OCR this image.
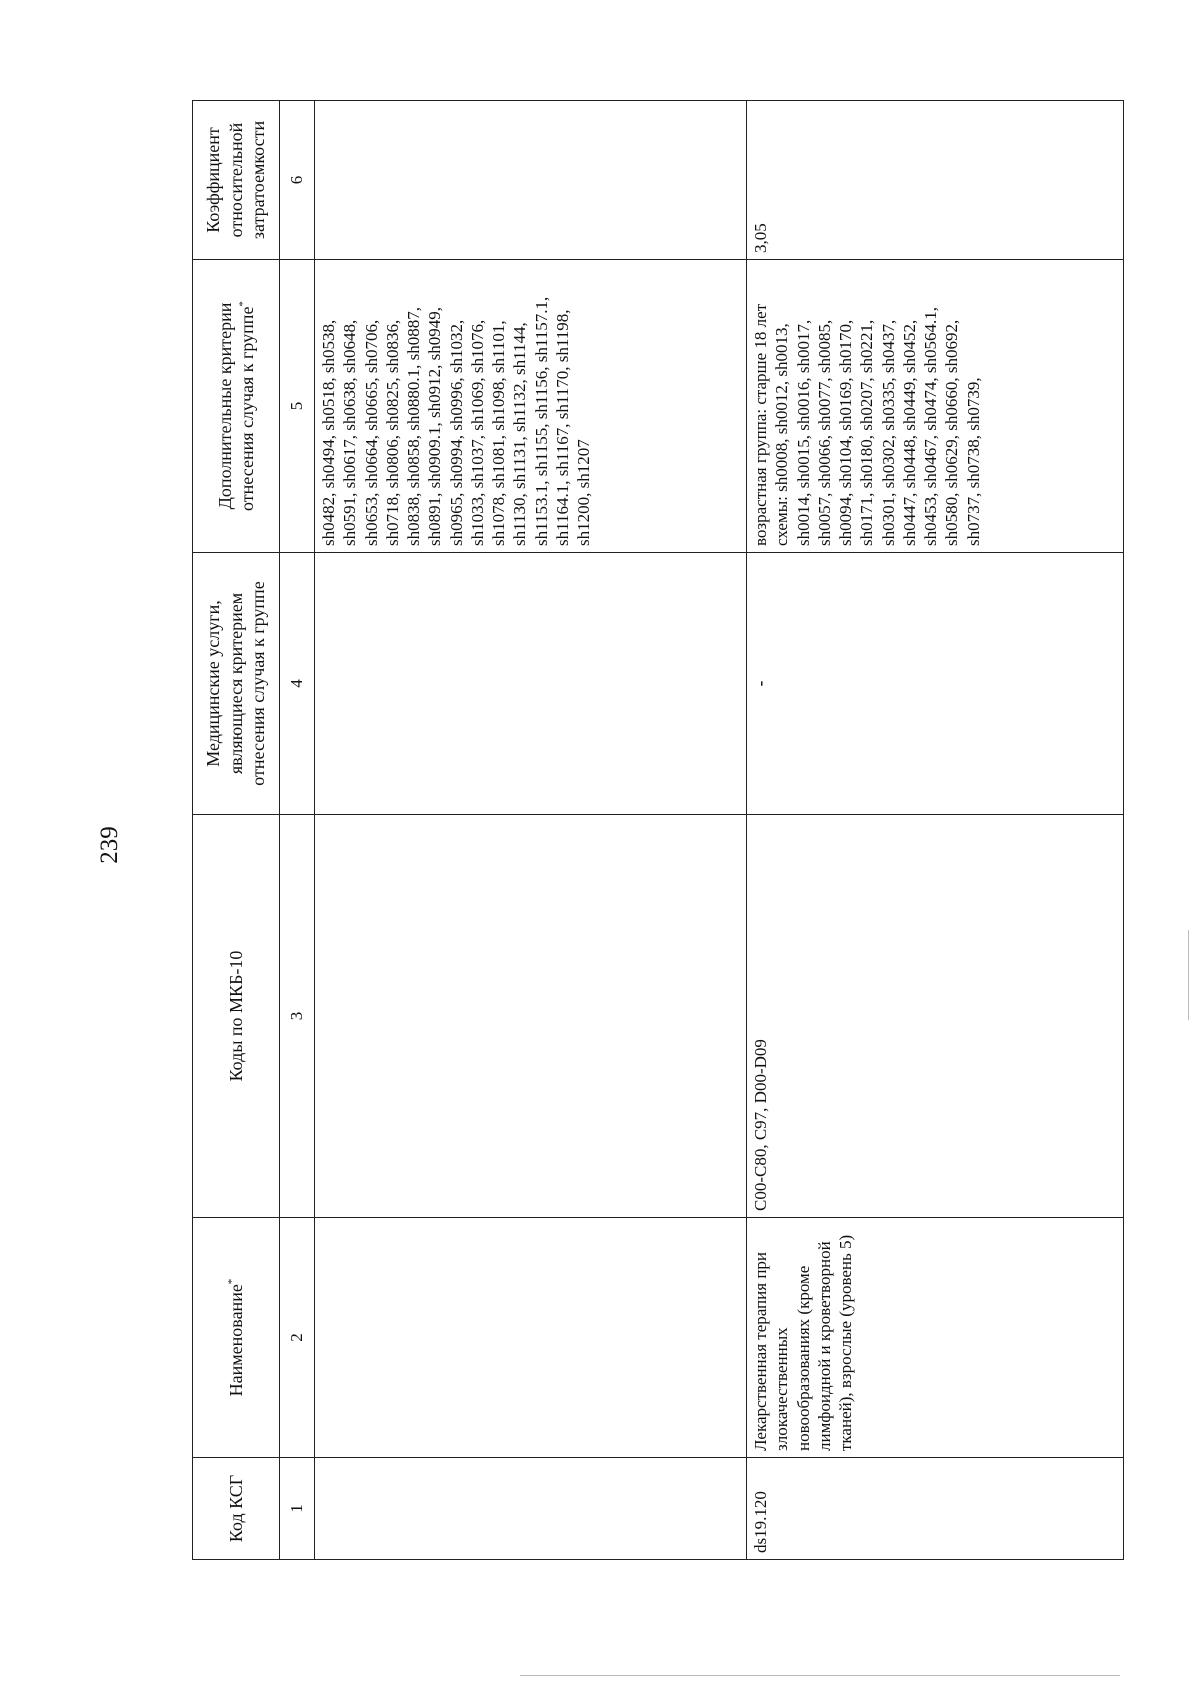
239
Код КСГ	Наименование*	Коды по МКБ-10	Медицинские услуги, являющиеся критерием отнесения случая к группе	Дополнительные критерии отнесения случая к группе*	Коэффициент относительной затратоемкости
1	2	3	4	5	6
				sh0482, sh0494, sh0518, sh0538, sh0591, sh0617, sh0638, sh0648, sh0653, sh0664, sh0665, sh0706, sh0718, sh0806, sh0825, sh0836, sh0838, sh0858, sh0880.1, sh0887, sh0891, sh0909.1, sh0912, sh0949, sh0965, sh0994, sh0996, sh1032, sh1033, sh1037, sh1069, sh1076, sh1078, sh1081, sh1098, sh1101, sh1130, sh1131, sh1132, sh1144, sh1153.1, sh1155, sh1156, sh1157.1, sh1164.1, sh1167, sh1170, sh1198, sh1200, sh1207	
ds19.120	Лекарственная терапия при злокачественных новообразованиях (кроме лимфоидной и кроветворной тканей), взрослые (уровень 5)	C00-C80, C97, D00-D09	-	возрастная группа: старше 18 лет схемы: sh0008, sh0012, sh0013, sh0014, sh0015, sh0016, sh0017, sh0057, sh0066, sh0077, sh0085, sh0094, sh0104, sh0169, sh0170, sh0171, sh0180, sh0207, sh0221, sh0301, sh0302, sh0335, sh0437, sh0447, sh0448, sh0449, sh0452, sh0453, sh0467, sh0474, sh0564.1, sh0580, sh0629, sh0660, sh0692, sh0737, sh0738, sh0739,	3,05
